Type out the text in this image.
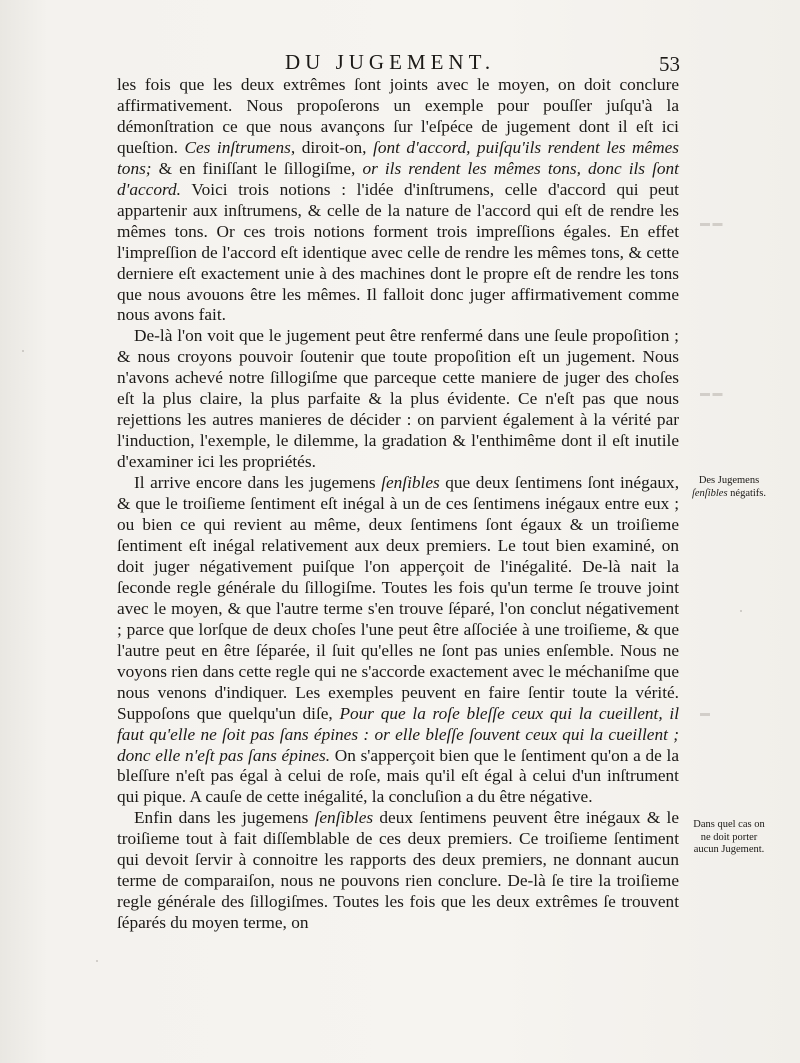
DU JUGEMENT.	53

les fois que les deux extrêmes ſont joints avec le moyen, on doit conclure affirmativement. Nous propoſerons un exemple pour pouſſer juſqu'à la démonſtration ce que nous avançons ſur l'eſpéce de jugement dont il eſt ici queſtion. Ces inſtrumens, diroit-on, ſont d'accord, puiſqu'ils rendent les mêmes tons; & en finiſſant le ſillogiſme, or ils rendent les mêmes tons, donc ils ſont d'accord. Voici trois notions : l'idée d'inſtrumens, celle d'accord qui peut appartenir aux inſtrumens, & celle de la nature de l'accord qui eſt de rendre les mêmes tons. Or ces trois notions forment trois impreſſions égales. En effet l'impreſſion de l'accord eſt identique avec celle de rendre les mêmes tons, & cette derniere eſt exactement unie à des machines dont le propre eſt de rendre les tons que nous avouons être les mêmes. Il falloit donc juger affirmativement comme nous avons fait.

De-là l'on voit que le jugement peut être renfermé dans une ſeule propoſition ; & nous croyons pouvoir ſoutenir que toute propoſition eſt un jugement. Nous n'avons achevé notre ſillogiſme que parceque cette maniere de juger des choſes eſt la plus claire, la plus parfaite & la plus évidente. Ce n'eſt pas que nous rejettions les autres manieres de décider : on parvient également à la vérité par l'induction, l'exemple, le dilemme, la gradation & l'enthimême dont il eſt inutile d'examiner ici les propriétés.

Il arrive encore dans les jugemens ſenſibles que deux ſentimens ſont inégaux, & que le troiſieme ſentiment eſt inégal à un de ces ſentimens inégaux entre eux ; ou bien ce qui revient au même, deux ſentimens ſont égaux & un troiſieme ſentiment eſt inégal relativement aux deux premiers. Le tout bien examiné, on doit juger négativement puiſque l'on apperçoit de l'inégalité. De-là nait la ſeconde regle générale du ſillogiſme. Toutes les fois qu'un terme ſe trouve joint avec le moyen, & que l'autre terme s'en trouve ſéparé, l'on conclut négativement ; parce que lorſque de deux choſes l'une peut être aſſociée à une troiſieme, & que l'autre peut en être ſéparée, il ſuit qu'elles ne ſont pas unies enſemble. Nous ne voyons rien dans cette regle qui ne s'accorde exactement avec le méchaniſme que nous venons d'indiquer. Les exemples peuvent en faire ſentir toute la vérité. Suppoſons que quelqu'un diſe, Pour que la roſe bleſſe ceux qui la cueillent, il faut qu'elle ne ſoit pas ſans épines : or elle bleſſe ſouvent ceux qui la cueillent ; donc elle n'eſt pas ſans épines. On s'apperçoit bien que le ſentiment qu'on a de la bleſſure n'eſt pas égal à celui de roſe, mais qu'il eſt égal à celui d'un inſtrument qui pique. A cauſe de cette inégalité, la concluſion a du être négative.

Enfin dans les jugemens ſenſibles deux ſentimens peuvent être inégaux & le troiſieme tout à fait diſſemblable de ces deux premiers. Ce troiſieme ſentiment qui devoit ſervir à connoitre les rapports des deux premiers, ne donnant aucun terme de comparaiſon, nous ne pouvons rien conclure. De-là ſe tire la troiſieme regle générale des ſillogiſmes. Toutes les fois que les deux extrêmes ſe trouvent ſéparés du moyen terme, on

Des Jugemens ſenſibles négatifs.
Dans quel cas on ne doit porter aucun Jugement.
▬ ▬
▬ ▬
▬
